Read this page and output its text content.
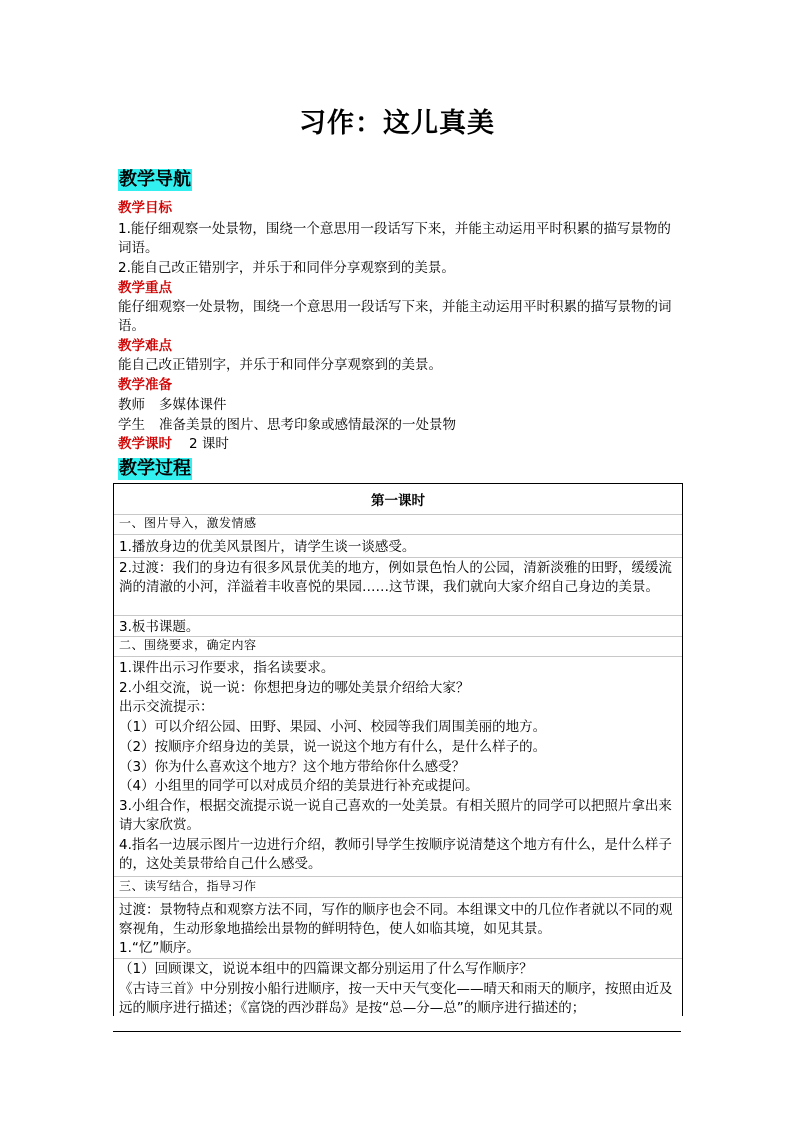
习作：这儿真美
教学导航
教学目标
1.能仔细观察一处景物，围绕一个意思用一段话写下来，并能主动运用平时积累的描写景物的词语。
2.能自己改正错别字，并乐于和同伴分享观察到的美景。
教学重点
能仔细观察一处景物，围绕一个意思用一段话写下来，并能主动运用平时积累的描写景物的词语。
教学难点
能自己改正错别字，并乐于和同伴分享观察到的美景。
教学准备
教师 多媒体课件
学生 准备美景的图片、思考印象或感情最深的一处景物
教学课时 2 课时
教学过程
第一课时
一、图片导入，激发情感
1.播放身边的优美风景图片，请学生谈一谈感受。
2.过渡：我们的身边有很多风景优美的地方，例如景色怡人的公园，清新淡雅的田野，缓缓流淌的清澈的小河，洋溢着丰收喜悦的果园……这节课，我们就向大家介绍自己身边的美景。
3.板书课题。
二、围绕要求，确定内容
1.课件出示习作要求，指名读要求。
2.小组交流，说一说：你想把身边的哪处美景介绍给大家？
出示交流提示：
（1）可以介绍公园、田野、果园、小河、校园等我们周围美丽的地方。
（2）按顺序介绍身边的美景，说一说这个地方有什么，是什么样子的。
（3）你为什么喜欢这个地方？这个地方带给你什么感受？
（4）小组里的同学可以对成员介绍的美景进行补充或提问。
3.小组合作，根据交流提示说一说自己喜欢的一处美景。有相关照片的同学可以把照片拿出来请大家欣赏。
4.指名一边展示图片一边进行介绍，教师引导学生按顺序说清楚这个地方有什么，是什么样子的，这处美景带给自己什么感受。
三、读写结合，指导习作
过渡：景物特点和观察方法不同，写作的顺序也会不同。本组课文中的几位作者就以不同的观察视角，生动形象地描绘出景物的鲜明特色，使人如临其境，如见其景。
1.“忆”顺序。
（1）回顾课文，说说本组中的四篇课文都分别运用了什么写作顺序？
《古诗三首》中分别按小船行进顺序，按一天中天气变化——晴天和雨天的顺序，按照由近及远的顺序进行描述；《富饶的西沙群岛》是按“总—分—总”的顺序进行描述的；
